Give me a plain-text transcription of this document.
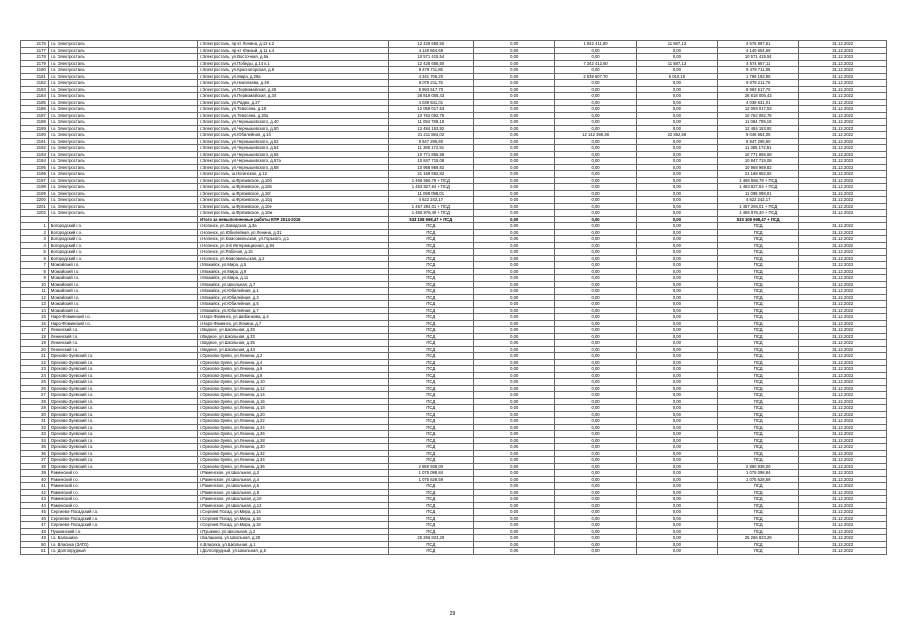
2176	г.о. Электросталь	г.Электросталь, пр-кт Ленина, д.12 к.2	12 428 656,50	0,00	1 842 411,80	11 587,13	4 576 867,61	31.12.2022
2177	г.о. Электросталь	г.Электросталь, пр-кт Южный, д.11 к.4	4 140 654,69	0,00	0,00	0,00	4 140 654,69	31.12.2022
2178	г.о. Электросталь	г.Электросталь, ул.Восточная, д.6а	10 571 415,54	0,00	0,00	0,00	10 571 415,54	31.12.2022
2179	г.о. Электросталь	г.Электросталь, ул.Победы, д.14 к.1	12 428 656,50	0,00	7 342 412,60	11 587,13	4 574 667,11	31.12.2022
2180	г.о. Электросталь	г.Электросталь, ул.Красногорская, д.8	9 479 711,85	0,00	0,00	0,00	9 479 711,85	31.12.2022
2181	г.о. Электросталь	г.Электросталь, ул.Мира, д.26а	4 341 706,20	0,00	2 539 807,70	5 010,18	1 796 153,95	31.12.2022
2182	г.о. Электросталь	г.Электросталь, ул.Николаева, д.48	9 079 211,75	0,00	0,00	0,00	9 079 211,75	31.12.2022
2183	г.о. Электросталь	г.Электросталь, ул.Первомайская, д.26	8 993 517,70	0,00	0,00	0,00	8 993 517,70	31.12.2022
2184	г.о. Электросталь	г.Электросталь, ул.Первомайская, д.34	26 818 005,43	0,00	0,00	0,00	26 818 005,43	31.12.2022
2185	г.о. Электросталь	г.Электросталь, ул.Радио, д.27	4 039 631,01	0,00	0,00	0,00	4 039 631,01	31.12.2022
2186	г.о. Электросталь	г.Электросталь, ул.Тевосяна, д.18	12 059 017,53	0,00	0,00	0,00	12 059 017,53	31.12.2022
2187	г.о. Электросталь	г.Электросталь, ул.Тевосяна, д.20а	10 762 092,76	0,00	0,00	0,00	10 762 092,76	31.12.2022
2188	г.о. Электросталь	г.Электросталь, ул.Чернышевского, д.40	11 084 789,18	0,00	0,00	0,00	11 084 789,18	31.12.2022
2189	г.о. Электросталь	г.Электросталь, ул.Чернышевского, д.50	12 484 153,92	0,00	0,00	0,00	12 484 153,92	31.12.2022
2190	г.о. Электросталь	г.Электросталь, ул.Юбилейная, д.1б	21 211 884,02	0,00	12 142 369,38	22 852,59	9 046 654,05	31.12.2022
2191	г.о. Электросталь	г.Электросталь, ул.Чернышевского, д.52	8 947 295,60	0,00	0,00	0,00	8 947 295,60	31.12.2022
2192	г.о. Электросталь	г.Электросталь, ул.Чернышевского, д.54	11 385 172,91	0,00	0,00	0,00	11 385 172,91	31.12.2022
2193	г.о. Электросталь	г.Электросталь, ул.Чернышевского, д.56	10 771 856,58	0,00	0,00	0,00	10 771 856,58	31.12.2022
2194	г.о. Электросталь	г.Электросталь, ул.Чернышевского, д.57а	10 847 715,08	0,00	0,00	0,00	10 847 715,08	31.12.2022
2195	г.о. Электросталь	г.Электросталь, ул.Чернышевского, д.58	10 968 969,82	0,00	0,00	0,00	10 968 969,82	31.12.2022
2196	г.о. Электросталь	г.Электросталь, ш.Ногинское, д.12	21 168 662,82	0,00	0,00	0,00	21 168 662,82	31.12.2022
2197	г.о. Электросталь	г.Электросталь, ш.Фрязевское, д.10б	1 466 556,79 + ПСД	0,00	0,00	0,00	1 466 556,79 + ПСД	31.12.2022
2198	г.о. Электросталь	г.Электросталь, ш.Фрязевское, д.10в	1 463 827,64 + ПСД	0,00	0,00	0,00	1 463 827,64 + ПСД	31.12.2022
2199	г.о. Электросталь	г.Электросталь, ш.Фрязевское, д.10г	11 098 098,01	0,00	0,00	0,00	11 098 098,01	31.12.2022
2200	г.о. Электросталь	г.Электросталь, ш.Фрязевское, д.10д	4 622 242,17	0,00	0,00	0,00	4 622 242,17	31.12.2022
2201	г.о. Электросталь	г.Электросталь, ш.Фрязевское, д.10е	1 467 294,01 + ПСД	0,00	0,00	0,00	1 467 294,01 + ПСД	31.12.2022
2202	г.о. Электросталь	г.Электросталь, ш.Фрязевское, д.10ж	1 465 976,40 + ПСД	0,00	0,00	0,00	1 465 976,40 + ПСД	31.12.2022
		Итого за невыполненные работы КПР 2014-2016	533 108 698,47 + ПСД	0,00	0,00	0,00	533 108 698,47 + ПСД	
1	Богородский г.о.	г.Ногинск, ул.Заводская, д.3а	ПСД	0,00	0,00	0,00	ПСД	31.12.2022
2	Богородский г.о.	г.Ногинск, ул.Юбилейная, ул.Ленина, д.31	ПСД	0,00	0,00	0,00	ПСД	31.12.2022
3	Богородский г.о.	г.Ногинск, ул.Комсомольская, ул.Горького, д.1	ПСД	0,00	0,00	0,00	ПСД	31.12.2022
4	Богородский г.о.	г.Ногинск, ул.3-й Интернационал, д.94	ПСД	0,00	0,00	0,00	ПСД	31.12.2022
5	Богородский г.о.	г.Ногинск, ул.Рабочая, д.15	ПСД	0,00	0,00	0,00	ПСД	31.12.2022
6	Богородский г.о.	г.Ногинск, ул.Комсомольская, д.2	ПСД	0,00	0,00	0,00	ПСД	31.12.2022
7	Можайский г.о.	г.Можайск, ул.Мира, д.5	ПСД	0,00	0,00	0,00	ПСД	31.12.2022
8	Можайский г.о.	г.Можайск, ул.Мира, д.9	ПСД	0,00	0,00	0,00	ПСД	31.12.2022
9	Можайский г.о.	г.Можайск, ул.Мира, д.11	ПСД	0,00	0,00	0,00	ПСД	31.12.2022
10	Можайский г.о.	г.Можайск, ул.Школьная, д.7	ПСД	0,00	0,00	0,00	ПСД	31.12.2022
11	Можайский г.о.	г.Можайск, ул.Юбилейная, д.1	ПСД	0,00	0,00	0,00	ПСД	31.12.2022
12	Можайский г.о.	г.Можайск, ул.Юбилейная, д.3	ПСД	0,00	0,00	0,00	ПСД	31.12.2022
13	Можайский г.о.	г.Можайск, ул.Юбилейная, д.5	ПСД	0,00	0,00	0,00	ПСД	31.12.2022
14	Можайский г.о.	г.Можайск, ул.Юбилейная, д.7	ПСД	0,00	0,00	0,00	ПСД	31.12.2022
15	Наро-Фоминский г.о.	г.Наро-Фоминск, ул.Шибанкова, д.4	ПСД	0,00	0,00	0,00	ПСД	31.12.2022
16	Наро-Фоминский г.о.	г.Наро-Фоминск, ул.Ленина, д.7	ПСД	0,00	0,00	0,00	ПСД	31.12.2022
17	Ленинский г.о.	г.Видное, ул.Школьная, д.25	ПСД	0,00	0,00	0,00	ПСД	31.12.2022
18	Ленинский г.о.	г.Видное, ул.Школьная, д.33	ПСД	0,00	0,00	0,00	ПСД	31.12.2022
19	Ленинский г.о.	г.Видное, ул.Школьная, д.35	ПСД	0,00	0,00	0,00	ПСД	31.12.2022
20	Ленинский г.о.	г.Видное, ул.Школьная, д.43	ПСД	0,00	0,00	0,00	ПСД	31.12.2022
21	Орехово-Зуевский г.о.	г.Орехово-Зуево, ул.Ленина, д.2	ПСД	0,00	0,00	0,00	ПСД	31.12.2022
22	Орехово-Зуевский г.о.	г.Орехово-Зуево, ул.Ленина, д.4	ПСД	0,00	0,00	0,00	ПСД	31.12.2022
23	Орехово-Зуевский г.о.	г.Орехово-Зуево, ул.Ленина, д.6	ПСД	0,00	0,00	0,00	ПСД	31.12.2022
24	Орехово-Зуевский г.о.	г.Орехово-Зуево, ул.Ленина, д.8	ПСД	0,00	0,00	0,00	ПСД	31.12.2022
25	Орехово-Зуевский г.о.	г.Орехово-Зуево, ул.Ленина, д.10	ПСД	0,00	0,00	0,00	ПСД	31.12.2022
26	Орехово-Зуевский г.о.	г.Орехово-Зуево, ул.Ленина, д.12	ПСД	0,00	0,00	0,00	ПСД	31.12.2022
27	Орехово-Зуевский г.о.	г.Орехово-Зуево, ул.Ленина, д.14	ПСД	0,00	0,00	0,00	ПСД	31.12.2022
28	Орехово-Зуевский г.о.	г.Орехово-Зуево, ул.Ленина, д.16	ПСД	0,00	0,00	0,00	ПСД	31.12.2022
29	Орехово-Зуевский г.о.	г.Орехово-Зуево, ул.Ленина, д.18	ПСД	0,00	0,00	0,00	ПСД	31.12.2022
30	Орехово-Зуевский г.о.	г.Орехово-Зуево, ул.Ленина, д.20	ПСД	0,00	0,00	0,00	ПСД	31.12.2022
31	Орехово-Зуевский г.о.	г.Орехово-Зуево, ул.Ленина, д.22	ПСД	0,00	0,00	0,00	ПСД	31.12.2022
32	Орехово-Зуевский г.о.	г.Орехово-Зуево, ул.Ленина, д.24	ПСД	0,00	0,00	0,00	ПСД	31.12.2022
33	Орехово-Зуевский г.о.	г.Орехово-Зуево, ул.Ленина, д.26	ПСД	0,00	0,00	0,00	ПСД	31.12.2022
34	Орехово-Зуевский г.о.	г.Орехово-Зуево, ул.Ленина, д.28	ПСД	0,00	0,00	0,00	ПСД	31.12.2022
35	Орехово-Зуевский г.о.	г.Орехово-Зуево, ул.Ленина, д.30	ПСД	0,00	0,00	0,00	ПСД	31.12.2022
36	Орехово-Зуевский г.о.	г.Орехово-Зуево, ул.Ленина, д.32	ПСД	0,00	0,00	0,00	ПСД	31.12.2022
37	Орехово-Зуевский г.о.	г.Орехово-Зуево, ул.Ленина, д.34	ПСД	0,00	0,00	0,00	ПСД	31.12.2022
38	Орехово-Зуевский г.о.	г.Орехово-Зуево, ул.Ленина, д.36	2 860 938,00	0,00	0,00	0,00	2 860 938,00	31.12.2022
39	Раменский г.о.	г.Раменское, ул.Школьная, д.2	1 075 098,84	0,00	0,00	0,00	1 075 098,84	31.12.2022
40	Раменский г.о.	г.Раменское, ул.Школьная, д.4	1 075 628,59	0,00	0,00	0,00	1 075 628,59	31.12.2022
41	Раменский г.о.	г.Раменское, ул.Школьная, д.6	ПСД	0,00	0,00	0,00	ПСД	31.12.2022
42	Раменский г.о.	г.Раменское, ул.Школьная, д.8	ПСД	0,00	0,00	0,00	ПСД	31.12.2022
43	Раменский г.о.	г.Раменское, ул.Школьная, д.10	ПСД	0,00	0,00	0,00	ПСД	31.12.2022
44	Раменский г.о.	г.Раменское, ул.Школьная, д.12	ПСД	0,00	0,00	0,00	ПСД	31.12.2022
45	Сергиево-Посадский г.о.	г.Сергиев Посад, ул.Мира, д.14	ПСД	0,00	0,00	0,00	ПСД	31.12.2022
46	Сергиево-Посадский г.о.	г.Сергиев Посад, ул.Мира, д.16	ПСД	0,00	0,00	0,00	ПСД	31.12.2022
47	Сергиево-Посадский г.о.	г.Сергиев Посад, ул.Мира, д.18	ПСД	0,00	0,00	0,00	ПСД	31.12.2022
48	Пушкинский г.о.	г.Пушкино, ул.Школьная, д.2	ПСД	0,00	0,00	0,00	ПСД	31.12.2022
49	г.о. Балашиха	г.Балашиха, ул.Школьная, д.28	25 266 823,29	0,00	0,00	0,00	25 266 823,29	31.12.2022
50	г.о. Власиха (ЗАТО)	п.Власиха, ул.Школьная, д.1	ПСД	0,00	0,00	0,00	ПСД	31.12.2022
51	г.о. Долгопрудный	г.Долгопрудный, ул.Школьная, д.5	ПСД	0,00	0,00	0,00	ПСД	31.12.2022
29
